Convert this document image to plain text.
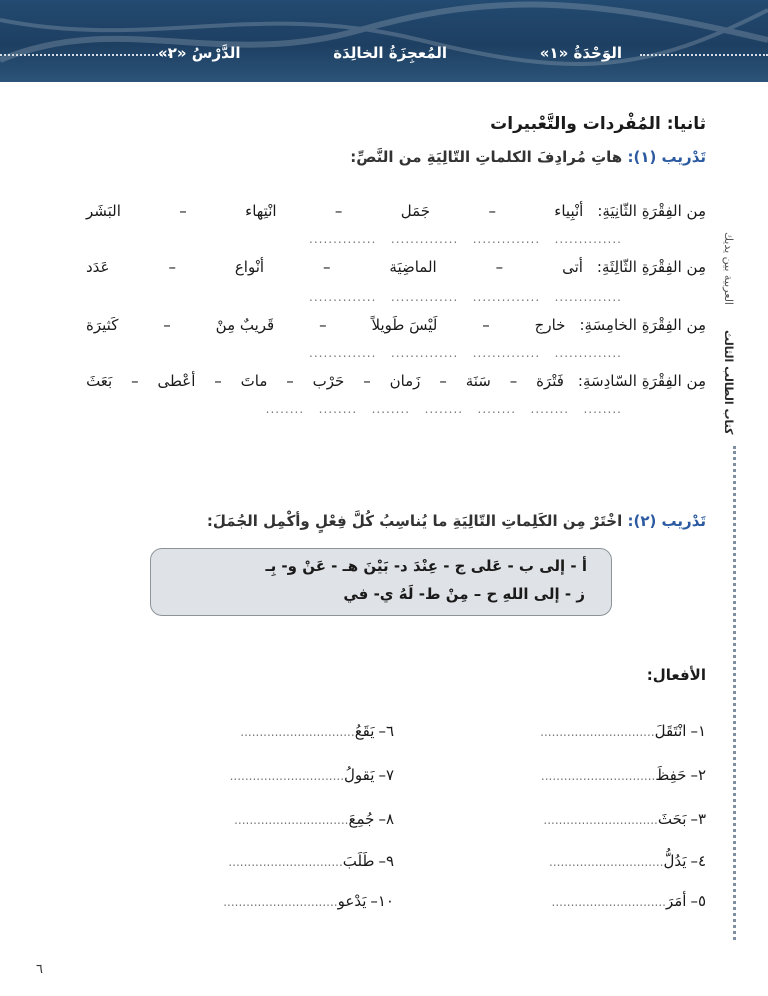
الوَحْدَةُ «١»
المُعجِزَةُ الخالِدَة
الدَّرْسُ «٢»
العربية بين يديك
كتاب الطالب الثالث
ثانيا: المُفْردات والتَّعْبيرات
تَدْريب (١): هاتِ مُرادِفَ الكلماتِ التّالِيَةِ من النَّصِّ:
مِن الفِقْرَةِ الثّانِيَةِ:
أنْبِياء
–
جَمَل
–
انْتِهاء
–
البَشَر
..............   ..............   ..............   ..............
مِن الفِقْرَةِ الثّالِثَةِ:
أتى
–
الماضِيَة
–
أنْواع
–
عَدَد
..............   ..............   ..............   ..............
مِن الفِقْرَةِ الخامِسَةِ:
خارج
–
لَيْسَ طَويلاً
–
قَريبٌ مِنْ
–
كَثيرَة
..............   ..............   ..............   ..............
مِن الفِقْرَةِ السّادِسَةِ:
فَتْرَة
–
سَنَة
–
زَمان
–
حَرْب
–
ماتَ
–
أعْطى
–
بَعَثَ
........   ........   ........   ........   ........   ........   ........
تَدْريب (٢): اخْتَرْ مِن الكَلِماتِ التّالِيَةِ ما يُناسِبُ كُلَّ فِعْلٍ وأكْمِل الجُمَلَ:
أ - إلى ب - عَلى ج - عِنْدَ د- بَيْنَ هـ - عَنْ و- بِـ
ز - إلى اللهِ ح – مِنْ ط- لَهُ ي- في
الأفعال:
١–انْتَقَلَ..............................
٢–حَفِظَ..............................
٣–بَحَثَ..............................
٤–يَدُلُّ..............................
٥–أمَرَ..............................
٦–يَقَعُ..............................
٧–يَقولُ..............................
٨–جُمِعَ..............................
٩–طَلَبَ..............................
١٠–يَدْعو..............................
٦
